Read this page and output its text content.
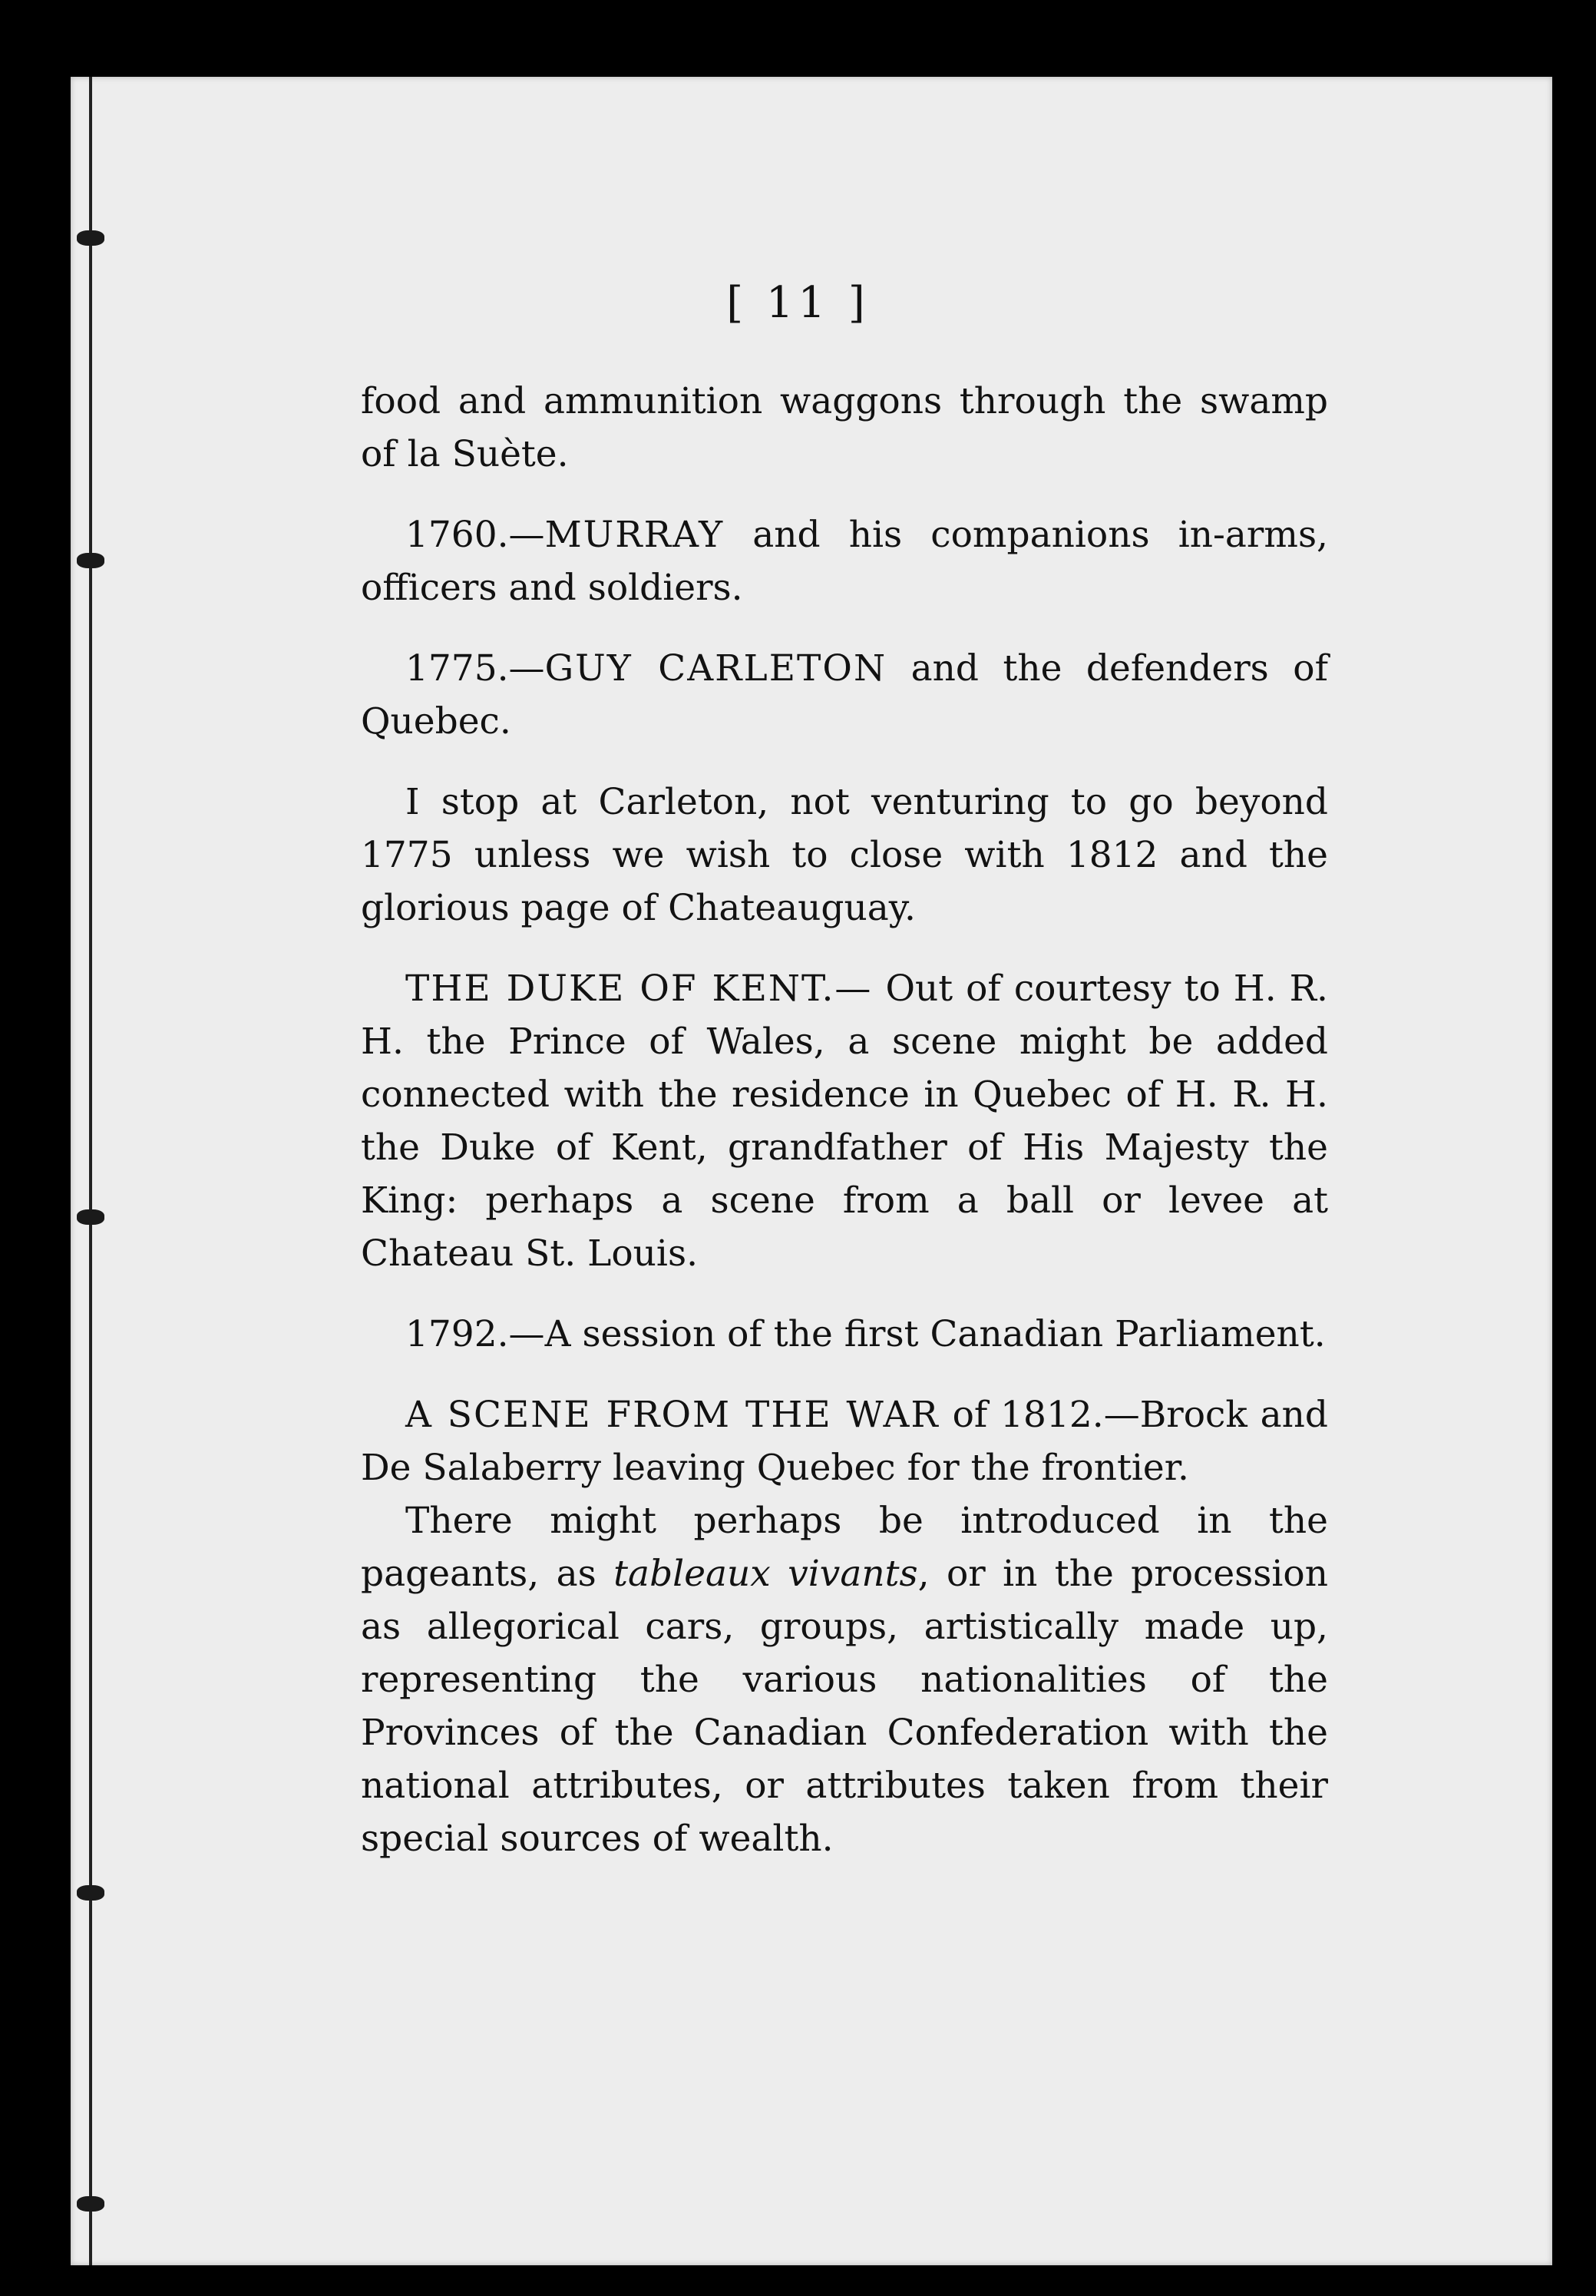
[ 11 ]

food and ammunition waggons through the swamp of la Suète.

1760.—MURRAY and his companions in-arms, officers and soldiers.

1775.—GUY CARLETON and the defenders of Quebec.

I stop at Carleton, not venturing to go beyond 1775 unless we wish to close with 1812 and the glorious page of Chateauguay.

THE DUKE OF KENT.— Out of courtesy to H. R. H. the Prince of Wales, a scene might be added connected with the residence in Quebec of H. R. H. the Duke of Kent, grandfather of His Majesty the King: perhaps a scene from a ball or levee at Chateau St. Louis.

1792.—A session of the first Canadian Parliament.

A SCENE FROM THE WAR of 1812.—Brock and De Salaberry leaving Quebec for the frontier.

There might perhaps be introduced in the pageants, as tableaux vivants, or in the procession as allegorical cars, groups, artistically made up, representing the various nationalities of the Provinces of the Canadian Confederation with the national attributes, or attributes taken from their special sources of wealth.
